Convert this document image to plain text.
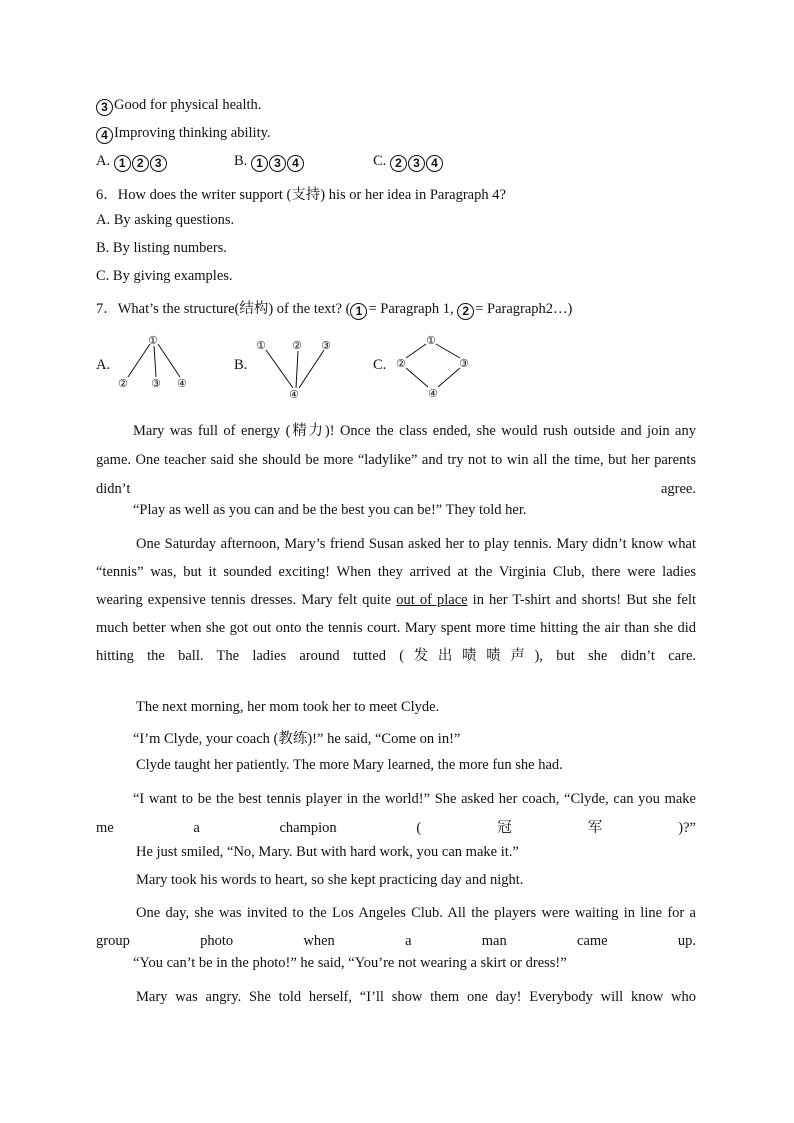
3 Good for physical health.
4 Improving thinking ability.
A. 1 2 3	B. 1 3 4	C. 2 3 4
6．How does the writer support (支持) his or her idea in Paragraph 4?
A. By asking questions.
B. By listing numbers.
C. By giving examples.
7．What’s the structure(结构) of the text? ( 1 = Paragraph 1, 2 = Paragraph2…)
A.	B.	C.
①
② ③ ④
① ② ③
④
①
②	③
④
Mary was full of energy (精力)! Once the class ended, she would rush outside and join any game. One teacher said she should be more “ladylike” and try not to win all the time, but her parents didn’t agree.
“Play as well as you can and be the best you can be!” They told her.
One Saturday afternoon, Mary’s friend Susan asked her to play tennis. Mary didn’t know what “tennis” was, but it sounded exciting! When they arrived at the Virginia Club, there were ladies wearing expensive tennis dresses. Mary felt quite out of place in her T-shirt and shorts! But she felt much better when she got out onto the tennis court. Mary spent more time hitting the air than she did hitting the ball. The ladies around tutted (发出啧啧声), but she didn’t care.
The next morning, her mom took her to meet Clyde.
“I’m Clyde, your coach (教练)!” he said, “Come on in!”
Clyde taught her patiently. The more Mary learned, the more fun she had.
“I want to be the best tennis player in the world!” She asked her coach, “Clyde, can you make me a champion (冠军)?”
He just smiled, “No, Mary. But with hard work, you can make it.”
Mary took his words to heart, so she kept practicing day and night.
One day, she was invited to the Los Angeles Club. All the players were waiting in line for a group photo when a man came up.
“You can’t be in the photo!” he said, “You’re not wearing a skirt or dress!”
Mary was angry. She told herself, “I’ll show them one day! Everybody will know who
